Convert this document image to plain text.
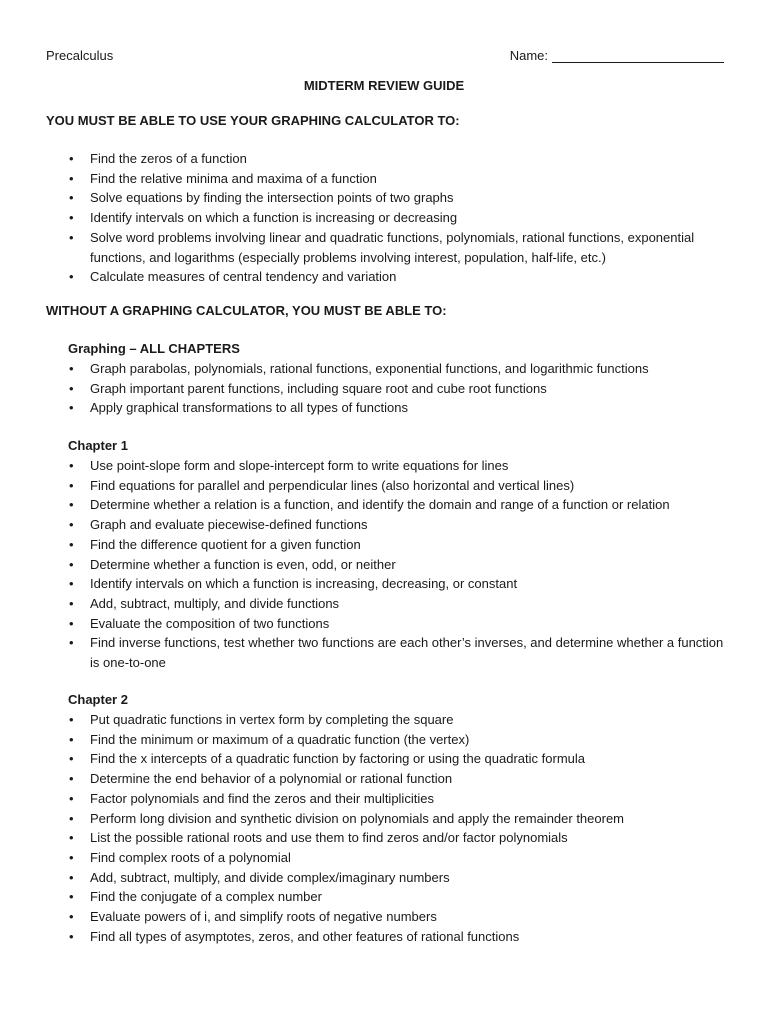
Precalculus	Name:
MIDTERM REVIEW GUIDE
YOU MUST BE ABLE TO USE YOUR GRAPHING CALCULATOR TO:
• Find the zeros of a function
• Find the relative minima and maxima of a function
• Solve equations by finding the intersection points of two graphs
• Identify intervals on which a function is increasing or decreasing
• Solve word problems involving linear and quadratic functions, polynomials, rational functions, exponential functions, and logarithms (especially problems involving interest, population, half-life, etc.)
• Calculate measures of central tendency and variation
WITHOUT A GRAPHING CALCULATOR, YOU MUST BE ABLE TO:
Graphing – ALL CHAPTERS
• Graph parabolas, polynomials, rational functions, exponential functions, and logarithmic functions
• Graph important parent functions, including square root and cube root functions
• Apply graphical transformations to all types of functions
Chapter 1
• Use point-slope form and slope-intercept form to write equations for lines
• Find equations for parallel and perpendicular lines (also horizontal and vertical lines)
• Determine whether a relation is a function, and identify the domain and range of a function or relation
• Graph and evaluate piecewise-defined functions
• Find the difference quotient for a given function
• Determine whether a function is even, odd, or neither
• Identify intervals on which a function is increasing, decreasing, or constant
• Add, subtract, multiply, and divide functions
• Evaluate the composition of two functions
• Find inverse functions, test whether two functions are each other’s inverses, and determine whether a function is one-to-one
Chapter 2
• Put quadratic functions in vertex form by completing the square
• Find the minimum or maximum of a quadratic function (the vertex)
• Find the x intercepts of a quadratic function by factoring or using the quadratic formula
• Determine the end behavior of a polynomial or rational function
• Factor polynomials and find the zeros and their multiplicities
• Perform long division and synthetic division on polynomials and apply the remainder theorem
• List the possible rational roots and use them to find zeros and/or factor polynomials
• Find complex roots of a polynomial
• Add, subtract, multiply, and divide complex/imaginary numbers
• Find the conjugate of a complex number
• Evaluate powers of i, and simplify roots of negative numbers
• Find all types of asymptotes, zeros, and other features of rational functions
